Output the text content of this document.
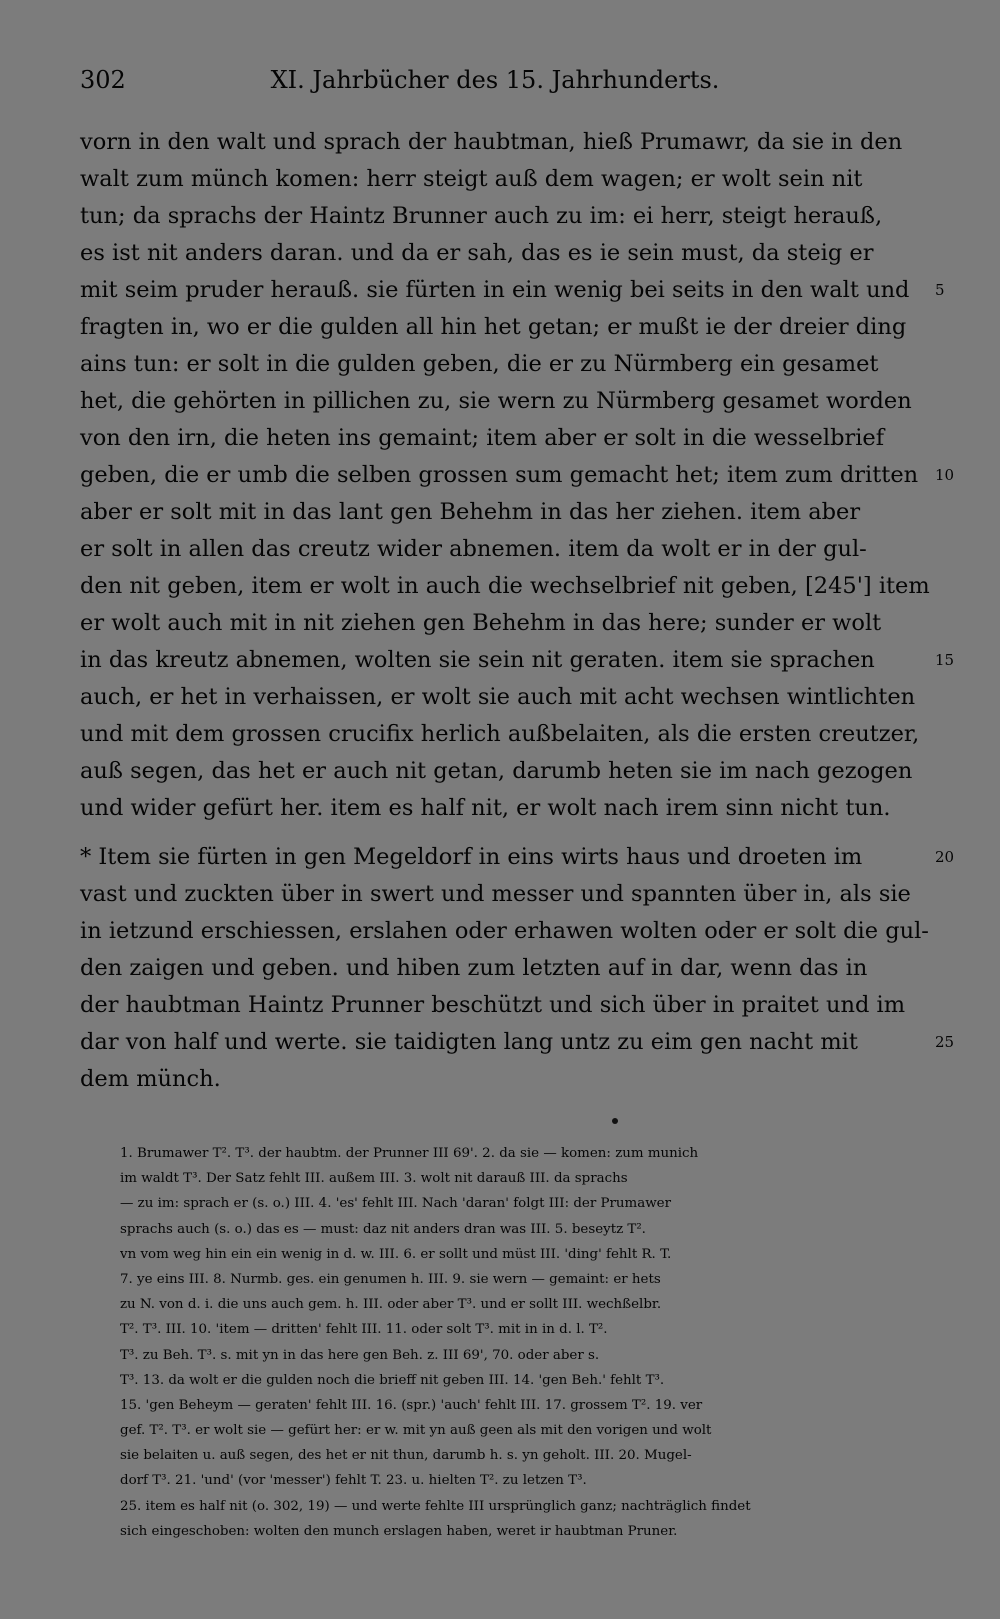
302	XI. Jahrbücher des 15. Jahrhunderts.
vorn in den walt und sprach der haubtman, hieß Prumawr, da sie in den
walt zum münch komen: herr steigt auß dem wagen; er wolt sein nit
tun; da sprachs der Haintz Brunner auch zu im: ei herr, steigt herauß,
es ist nit anders daran. und da er sah, das es ie sein must, da steig er
mit seim pruder herauß. sie fürten in ein wenig bei seits in den walt und 5
fragten in, wo er die gulden all hin het getan; er mußt ie der dreier ding
ains tun: er solt in die gulden geben, die er zu Nürmberg ein gesamet
het, die gehörten in pillichen zu, sie wern zu Nürmberg gesamet worden
von den irn, die heten ins gemaint; item aber er solt in die wesselbrief
geben, die er umb die selben grossen sum gemacht het; item zum dritten 10
aber er solt mit in das lant gen Behehm in das her ziehen. item aber
er solt in allen das creutz wider abnemen. item da wolt er in der gul-
den nit geben, item er wolt in auch die wechselbrief nit geben, [245'] item
er wolt auch mit in nit ziehen gen Behehm in das here; sunder er wolt
in das kreutz abnemen, wolten sie sein nit geraten. item sie sprachen	15
auch, er het in verhaissen, er wolt sie auch mit acht wechsen wintlichten
und mit dem grossen crucifix herlich außbelaiten, als die ersten creutzer,
auß segen, das het er auch nit getan, darumb heten sie im nach gezogen
und wider gefürt her. item es half nit, er wolt nach irem sinn nicht tun.
* Item sie fürten in gen Megeldorf in eins wirts haus und droeten im	20
vast und zuckten über in swert und messer und spannten über in, als sie
in ietzund erschiessen, erslahen oder erhawen wolten oder er solt die gul-
den zaigen und geben. und hiben zum letzten auf in dar, wenn das in
der haubtman Haintz Prunner beschützt und sich über in praitet und im
dar von half und werte. sie taidigten lang untz zu eim gen nacht mit	25
dem münch.
1. Brumawer T². T³. der haubtm. der Prunner III 69'. 2. da sie — komen: zum munich
im waldt T³. Der Satz fehlt III. außem III. 3. wolt nit darauß III. da sprachs
— zu im: sprach er (s. o.) III. 4. 'es' fehlt III. Nach 'daran' folgt III: der Prumawer
sprachs auch (s. o.) das es — must: daz nit anders dran was III. 5. beseytz T².
vn vom weg hin ein ein wenig in d. w. III. 6. er sollt und müst III. 'ding' fehlt R. T.
7. ye eins III. 8. Nurmb. ges. ein genumen h. III. 9. sie wern — gemaint: er hets
zu N. von d. i. die uns auch gem. h. III. oder aber T³. und er sollt III. wechßelbr.
T². T³. III. 10. 'item — dritten' fehlt III. 11. oder solt T³. mit in in d. l. T².
T³. zu Beh. T³. s. mit yn in das here gen Beh. z. III 69', 70. oder aber s.
T³. 13. da wolt er die gulden noch die brieff nit geben III. 14. 'gen Beh.' fehlt T³.
15. 'gen Beheym — geraten' fehlt III. 16. (spr.) 'auch' fehlt III. 17. grossem T². 19. ver
gef. T². T³. er wolt sie — gefürt her: er w. mit yn auß geen als mit den vorigen und wolt
sie belaiten u. auß segen, des het er nit thun, darumb h. s. yn geholt. III. 20. Mugel-
dorf T³. 21. 'und' (vor 'messer') fehlt T. 23. u. hielten T². zu letzen T³.
25. item es half nit (o. 302, 19) — und werte fehlte III ursprünglich ganz; nachträglich findet
sich eingeschoben: wolten den munch erslagen haben, weret ir haubtman Pruner.
